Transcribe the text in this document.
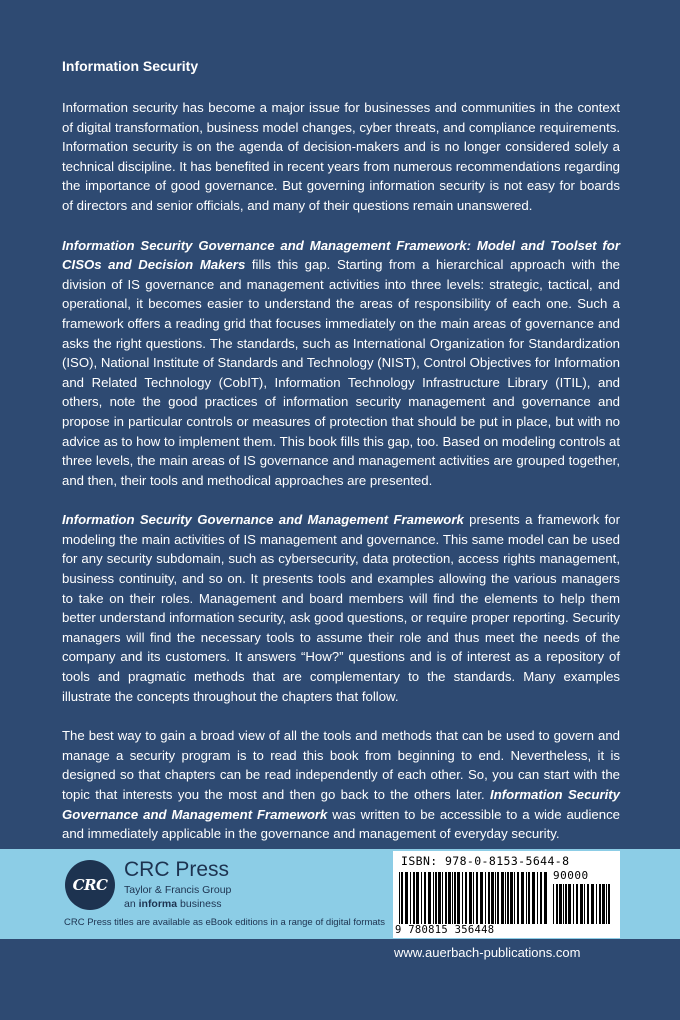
Information Security

Information security has become a major issue for businesses and communities in the context of digital transformation, business model changes, cyber threats, and compliance requirements. Information security is on the agenda of decision-makers and is no longer considered solely a technical discipline. It has benefited in recent years from numerous recommendations regarding the importance of good governance. But governing information security is not easy for boards of directors and senior officials, and many of their questions remain unanswered.

Information Security Governance and Management Framework: Model and Toolset for CISOs and Decision Makers fills this gap. Starting from a hierarchical approach with the division of IS governance and management activities into three levels: strategic, tactical, and operational, it becomes easier to understand the areas of responsibility of each one. Such a framework offers a reading grid that focuses immediately on the main areas of governance and asks the right questions. The standards, such as International Organization for Standardization (ISO), National Institute of Standards and Technology (NIST), Control Objectives for Information and Related Technology (CobIT), Information Technology Infrastructure Library (ITIL), and others, note the good practices of information security management and governance and propose in particular controls or measures of protection that should be put in place, but with no advice as to how to implement them. This book fills this gap, too. Based on modeling controls at three levels, the main areas of IS governance and management activities are grouped together, and then, their tools and methodical approaches are presented.

Information Security Governance and Management Framework presents a framework for modeling the main activities of IS management and governance. This same model can be used for any security subdomain, such as cybersecurity, data protection, access rights management, business continuity, and so on. It presents tools and examples allowing the various managers to take on their roles. Management and board members will find the elements to help them better understand information security, ask good questions, or require proper reporting. Security managers will find the necessary tools to assume their role and thus meet the needs of the company and its customers. It answers “How?” questions and is of interest as a repository of tools and pragmatic methods that are complementary to the standards. Many examples illustrate the concepts throughout the chapters that follow.

The best way to gain a broad view of all the tools and methods that can be used to govern and manage a security program is to read this book from beginning to end. Nevertheless, it is designed so that chapters can be read independently of each other. So, you can start with the topic that interests you the most and then go back to the others later. Information Security Governance and Management Framework was written to be accessible to a wide audience and immediately applicable in the governance and management of everyday security.

CRC
CRC Press
Taylor & Francis Group
an informa business
CRC Press titles are available as eBook editions in a range of digital formats
ISBN: 978-0-8153-5644-8
90000
9 780815 356448
www.auerbach-publications.com
